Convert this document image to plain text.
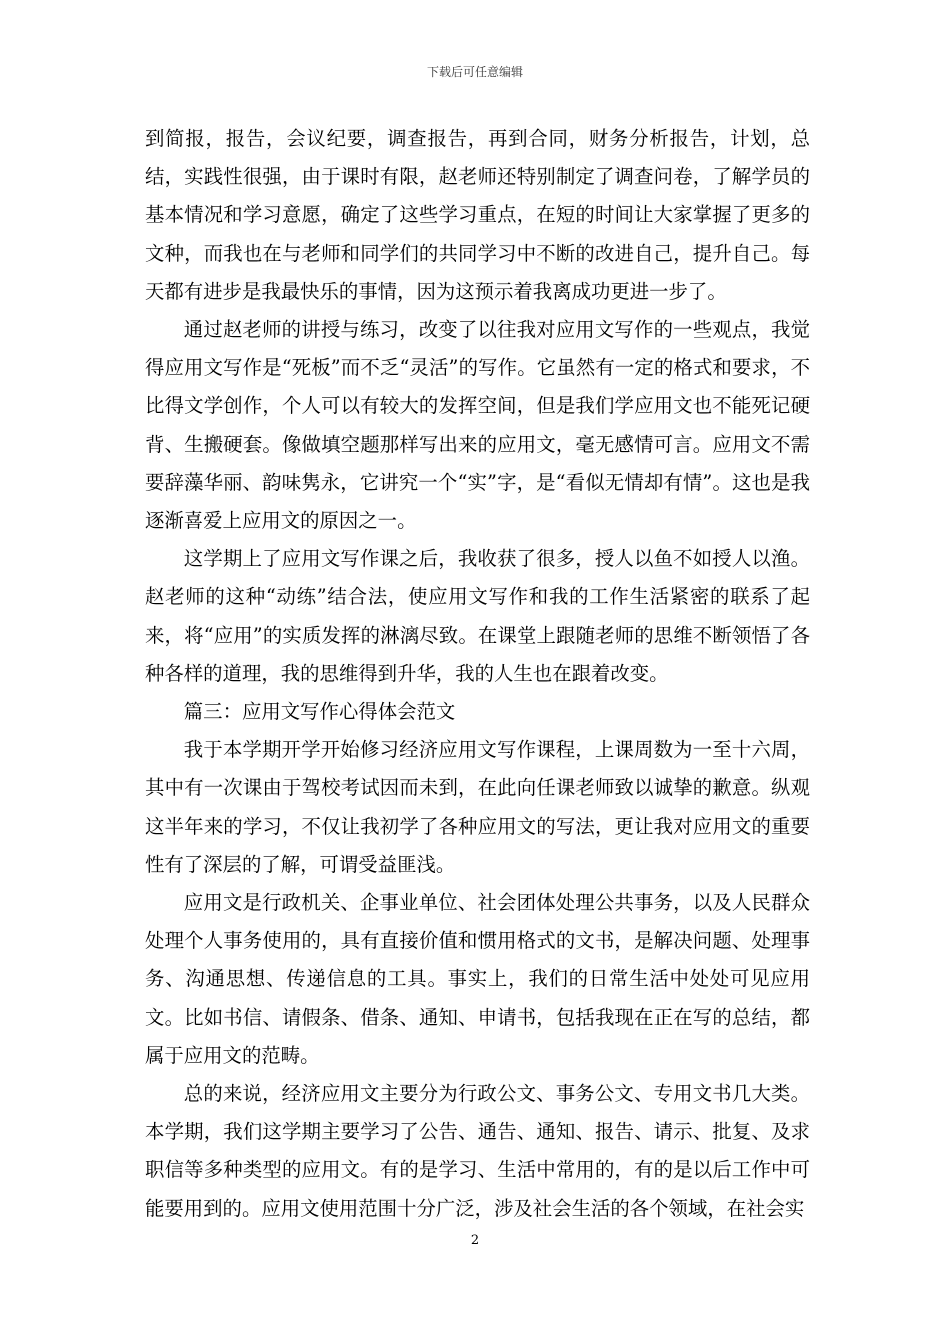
下载后可任意编辑

到简报，报告，会议纪要，调查报告，再到合同，财务分析报告，计划，总结，实践性很强，由于课时有限，赵老师还特别制定了调查问卷，了解学员的基本情况和学习意愿，确定了这些学习重点，在短的时间让大家掌握了更多的文种，而我也在与老师和同学们的共同学习中不断的改进自己，提升自己。每天都有进步是我最快乐的事情，因为这预示着我离成功更进一步了。

通过赵老师的讲授与练习，改变了以往我对应用文写作的一些观点，我觉得应用文写作是“死板”而不乏“灵活”的写作。它虽然有一定的格式和要求，不比得文学创作，个人可以有较大的发挥空间，但是我们学应用文也不能死记硬背、生搬硬套。像做填空题那样写出来的应用文，毫无感情可言。应用文不需要辞藻华丽、韵味隽永，它讲究一个“实”字，是“看似无情却有情”。这也是我逐渐喜爱上应用文的原因之一。

这学期上了应用文写作课之后，我收获了很多，授人以鱼不如授人以渔。赵老师的这种“动练”结合法，使应用文写作和我的工作生活紧密的联系了起来，将“应用”的实质发挥的淋漓尽致。在课堂上跟随老师的思维不断领悟了各种各样的道理，我的思维得到升华，我的人生也在跟着改变。

篇三：应用文写作心得体会范文

我于本学期开学开始修习经济应用文写作课程，上课周数为一至十六周，其中有一次课由于驾校考试因而未到，在此向任课老师致以诚挚的歉意。纵观这半年来的学习，不仅让我初学了各种应用文的写法，更让我对应用文的重要性有了深层的了解，可谓受益匪浅。

应用文是行政机关、企事业单位、社会团体处理公共事务，以及人民群众处理个人事务使用的，具有直接价值和惯用格式的文书，是解决问题、处理事务、沟通思想、传递信息的工具。事实上，我们的日常生活中处处可见应用文。比如书信、请假条、借条、通知、申请书，包括我现在正在写的总结，都属于应用文的范畴。

总的来说，经济应用文主要分为行政公文、事务公文、专用文书几大类。本学期，我们这学期主要学习了公告、通告、通知、报告、请示、批复、及求职信等多种类型的应用文。有的是学习、生活中常用的，有的是以后工作中可能要用到的。应用文使用范围十分广泛，涉及社会生活的各个领域，在社会实

2
